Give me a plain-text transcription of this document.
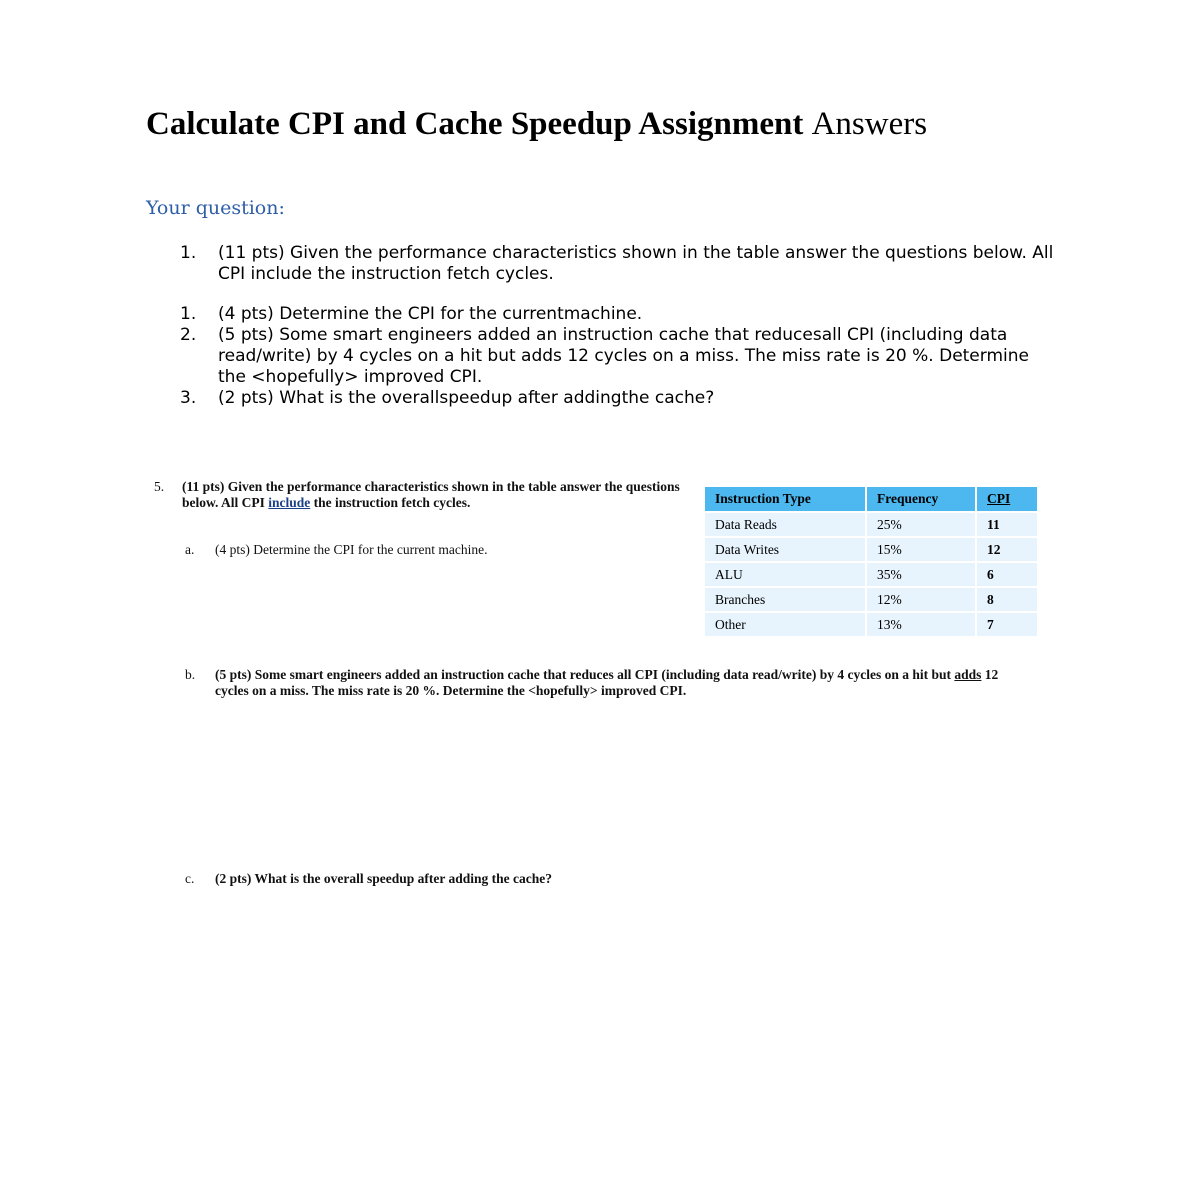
Calculate CPI and Cache Speedup Assignment Answers
Your question:
1.	(11 pts) Given the performance characteristics shown in the table answer the questions below. All CPI include the instruction fetch cycles.
1.	(4 pts) Determine the CPI for the currentmachine.
2.	(5 pts) Some smart engineers added an instruction cache that reducesall CPI (including data read/write) by 4 cycles on a hit but adds 12 cycles on a miss. The miss rate is 20 %. Determine the <hopefully> improved CPI.
3.	(2 pts) What is the overallspeedup after addingthe cache?
5.	(11 pts) Given the performance characteristics shown in the table answer the questions below. All CPI include the instruction fetch cycles.
a.	(4 pts) Determine the CPI for the current machine.
Instruction Type	Frequency	CPI
Data Reads	25%	11
Data Writes	15%	12
ALU	35%	6
Branches	12%	8
Other	13%	7
b.	(5 pts) Some smart engineers added an instruction cache that reduces all CPI (including data read/write) by 4 cycles on a hit but adds 12 cycles on a miss. The miss rate is 20 %. Determine the <hopefully> improved CPI.
c.	(2 pts) What is the overall speedup after adding the cache?
